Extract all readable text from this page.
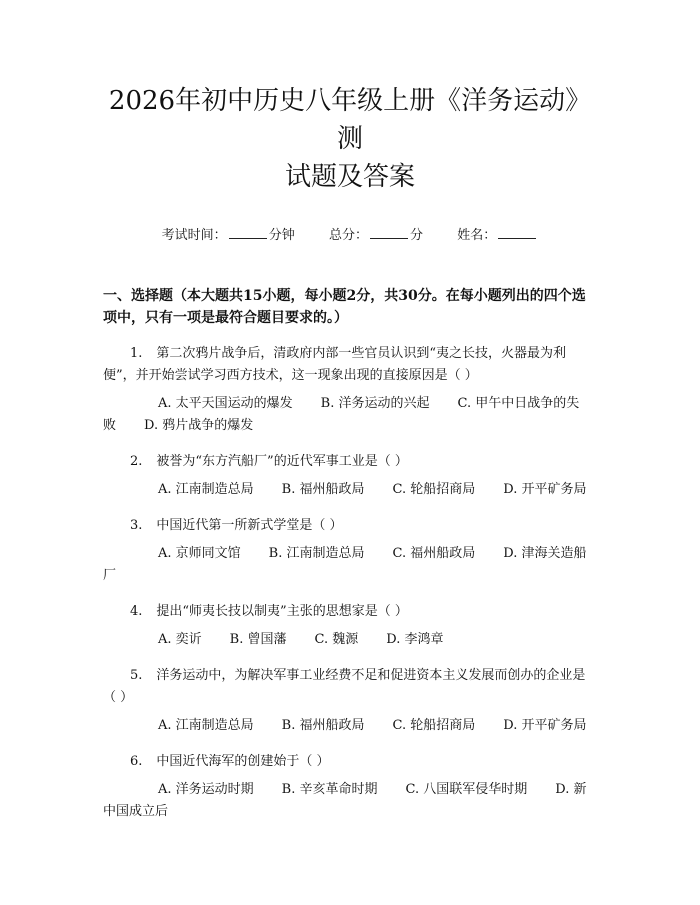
2026年初中历史八年级上册《洋务运动》测
试题及答案
考试时间：	分钟	总分：	分	姓名：
一、选择题（本大题共15小题，每小题2分，共30分。在每小题列出的四个选项中，只有一项是最符合题目要求的。）
1. 第二次鸦片战争后，清政府内部一些官员认识到“夷之长技，火器最为利便”，并开始尝试学习西方技术，这一现象出现的直接原因是（ ）
A. 太平天国运动的爆发 B. 洋务运动的兴起 C. 甲午中日战争的失败 D. 鸦片战争的爆发
2. 被誉为“东方汽船厂”的近代军事工业是（ ）
A. 江南制造总局 B. 福州船政局 C. 轮船招商局 D. 开平矿务局
3. 中国近代第一所新式学堂是（ ）
A. 京师同文馆 B. 江南制造总局 C. 福州船政局 D. 津海关造船厂
4. 提出“师夷长技以制夷”主张的思想家是（ ）
A. 奕䜣 B. 曾国藩 C. 魏源 D. 李鸿章
5. 洋务运动中，为解决军事工业经费不足和促进资本主义发展而创办的企业是（ ）
A. 江南制造总局 B. 福州船政局 C. 轮船招商局 D. 开平矿务局
6. 中国近代海军的创建始于（ ）
A. 洋务运动时期 B. 辛亥革命时期 C. 八国联军侵华时期 D. 新中国成立后
